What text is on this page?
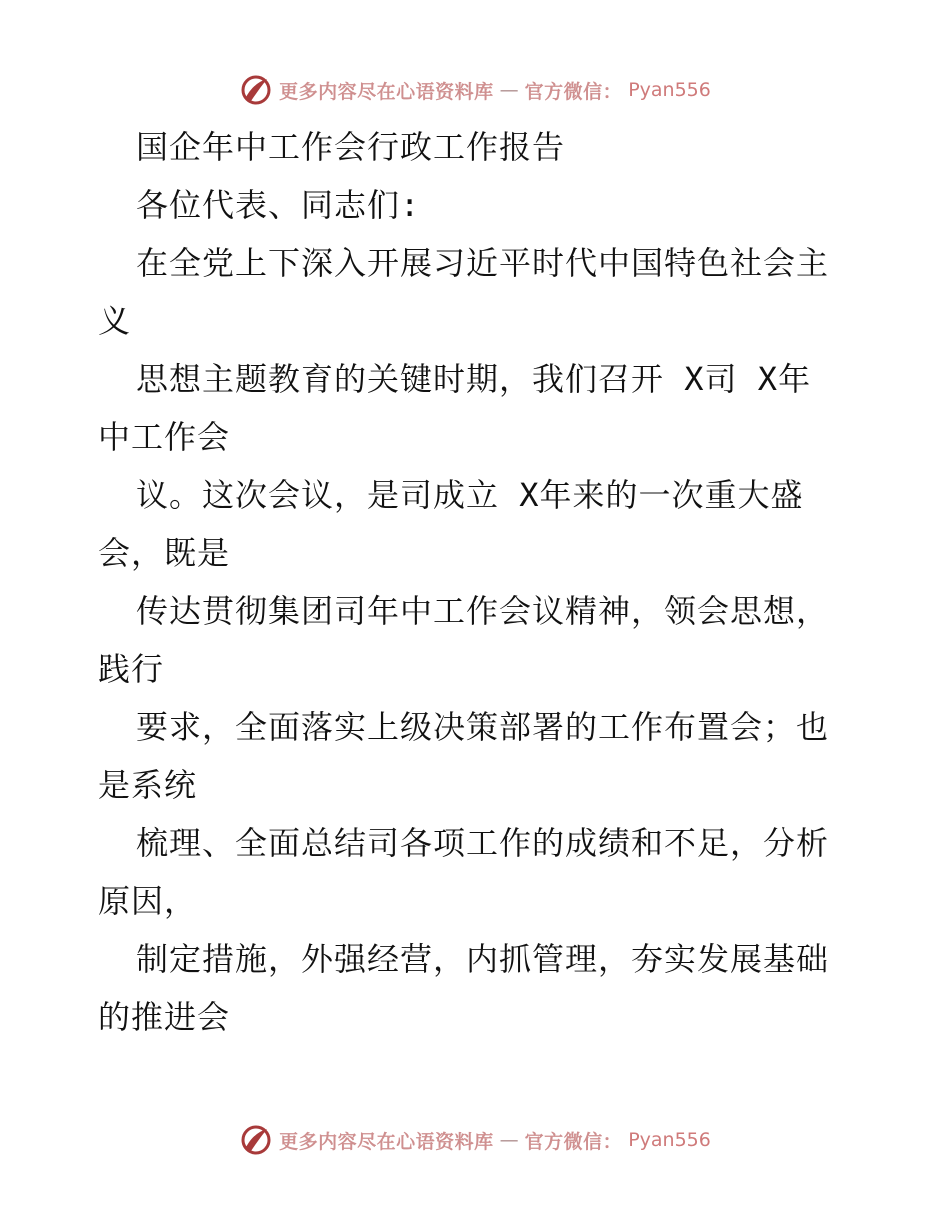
更多内容尽在心语资料库 — 官方微信： Pyan556
国企年中工作会行政工作报告
各位代表、同志们:
在全党上下深入开展习近平时代中国特色社会主
义
思想主题教育的关键时期，我们召开 X司 X年
中工作会
议。这次会议，是司成立 X年来的一次重大盛
会，既是
传达贯彻集团司年中工作会议精神，领会思想，
践行
要求，全面落实上级决策部署的工作布置会；也
是系统
梳理、全面总结司各项工作的成绩和不足，分析
原因，
制定措施，外强经营，内抓管理，夯实发展基础
的推进会
更多内容尽在心语资料库 — 官方微信： Pyan556
